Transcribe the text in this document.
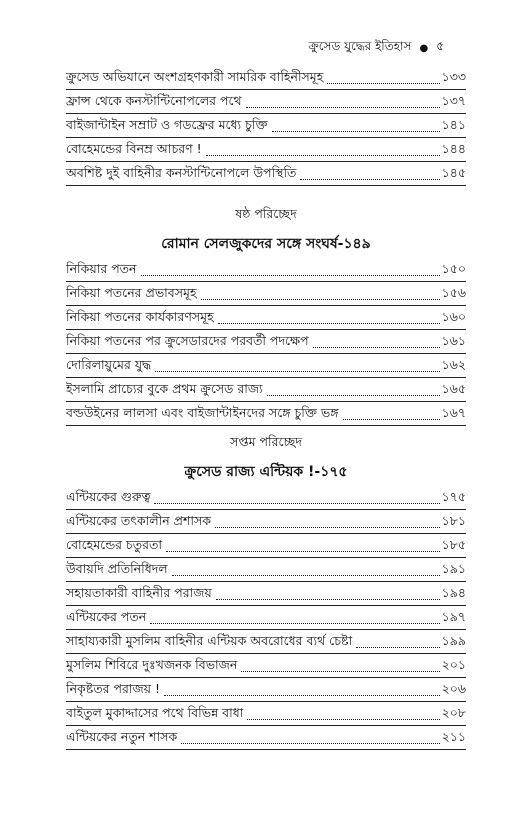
ক্রুসেড যুদ্ধের ইতিহাস ● ৫
ক্রুসেড অভিযানে অংশগ্রহণকারী সামরিক বাহিনীসমূহ	১৩৩
ফ্রান্স থেকে কনস্টান্টিনোপলের পথে	১৩৭
বাইজান্টাইন সম্রাট ও গডফ্রের মধ্যে চুক্তি	১৪১
বোহেমন্ডের বিনম্র আচরণ !	১৪৪
অবশিষ্ট দুই বাহিনীর কনস্টান্টিনোপলে উপস্থিতি	১৪৫
ষষ্ঠ পরিচ্ছেদ
রোমান সেলজুকদের সঙ্গে সংঘর্ষ-১৪৯
নিকিয়ার পতন	১৫০
নিকিয়া পতনের প্রভাবসমূহ	১৫৬
নিকিয়া পতনের কার্যকারণসমূহ	১৬০
নিকিয়া পতনের পর ক্রুসেডারদের পরবর্তী পদক্ষেপ	১৬১
দোরিলায়ুমের যুদ্ধ	১৬২
ইসলামি প্রাচ্যের বুকে প্রথম ক্রুসেড রাজ্য	১৬৫
বল্ডউইনের লালসা এবং বাইজান্টাইনদের সঙ্গে চুক্তি ভঙ্গ	১৬৭
সপ্তম পরিচ্ছেদ
ক্রুসেড রাজ্য এন্টিয়ক !-১৭৫
এন্টিয়কের গুরুত্ব	১৭৫
এন্টিয়কের তৎকালীন প্রশাসক	১৮১
বোহেমন্ডের চতুরতা	১৮৫
উবায়দি প্রতিনিধিদল	১৯১
সহায়তাকারী বাহিনীর পরাজয়	১৯৪
এন্টিয়কের পতন	১৯৭
সাহায্যকারী মুসলিম বাহিনীর এন্টিয়ক অবরোধের ব্যর্থ চেষ্টা	১৯৯
মুসলিম শিবিরে দুঃখজনক বিভাজন	২০১
নিকৃষ্টতর পরাজয় !	২০৬
বাইতুল মুকাদ্দাসের পথে বিভিন্ন বাধা	২০৮
এন্টিয়কের নতুন শাসক	২১১
